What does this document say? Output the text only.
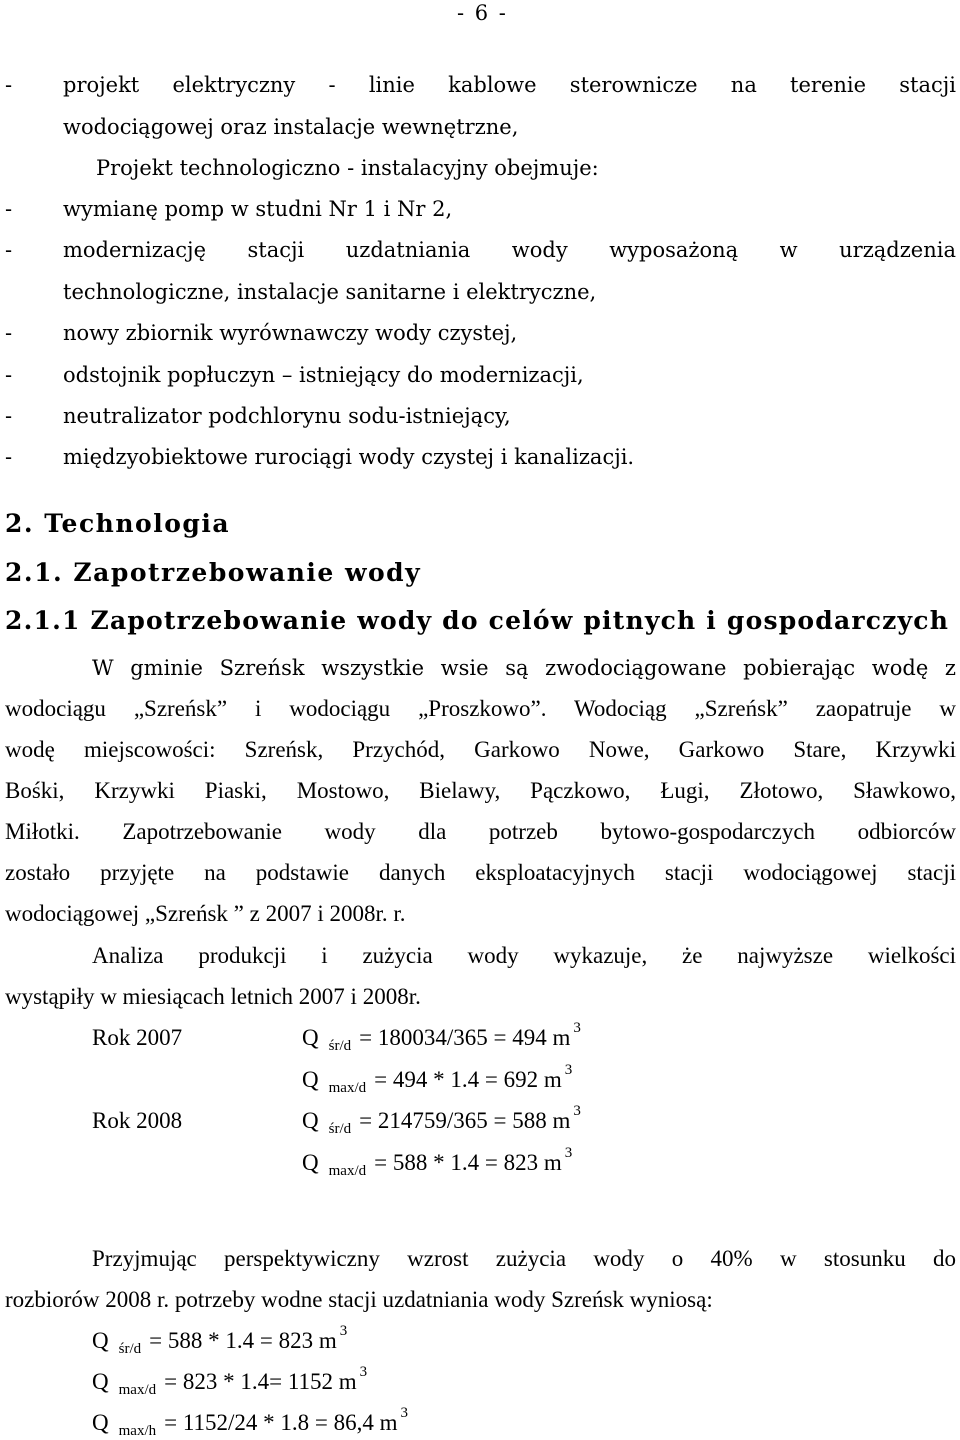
- 6 -
- projekt elektryczny - linie kablowe sterownicze na terenie stacji
wodociągowej oraz instalacje wewnętrzne,
Projekt technologiczno - instalacyjny obejmuje:
- wymianę pomp w studni Nr 1 i Nr 2,
- modernizację stacji uzdatniania wody wyposażoną w urządzenia
technologiczne, instalacje sanitarne i elektryczne,
- nowy zbiornik wyrównawczy wody czystej,
- odstojnik popłuczyn – istniejący do modernizacji,
- neutralizator podchlorynu sodu-istniejący,
- międzyobiektowe rurociągi wody czystej i kanalizacji.
2. Technologia
2.1. Zapotrzebowanie wody
2.1.1 Zapotrzebowanie wody do celów pitnych i gospodarczych
W gminie Szreńsk wszystkie wsie są zwodociągowane pobierając wodę z
wodociągu „Szreńsk” i wodociągu „Proszkowo”. Wodociąg „Szreńsk” zaopatruje w
wodę miejscowości: Szreńsk, Przychód, Garkowo Nowe, Garkowo Stare, Krzywki
Bośki, Krzywki Piaski, Mostowo, Bielawy, Pączkowo, Ługi, Złotowo, Sławkowo,
Miłotki. Zapotrzebowanie wody dla potrzeb bytowo-gospodarczych odbiorców
zostało przyjęte na podstawie danych eksploatacyjnych stacji wodociągowej stacji
wodociągowej „Szreńsk ” z 2007 i 2008r. r.
Analiza produkcji i zużycia wody wykazuje, że najwyższe wielkości
wystąpiły w miesiącach letnich 2007 i 2008r.
Rok 2007	Q $_{śr/d}$ = 180034/365 = 494 m $^3$
Q $_{max/d}$ = 494 * 1.4 = 692 m $^3$
Rok 2008	Q $_{śr/d}$ = 214759/365 = 588 m $^3$
Q $_{max/d}$ = 588 * 1.4 = 823 m $^3$
Przyjmując perspektywiczny wzrost zużycia wody o 40% w stosunku do
rozbiorów 2008 r. potrzeby wodne stacji uzdatniania wody Szreńsk wyniosą:
Q $_{śr/d}$ = 588 * 1.4 = 823 m $^3$
Q $_{max/d}$ = 823 * 1.4= 1152 m $^3$
Q $_{max/h}$ = 1152/24 * 1.8 = 86,4 m $^3$
